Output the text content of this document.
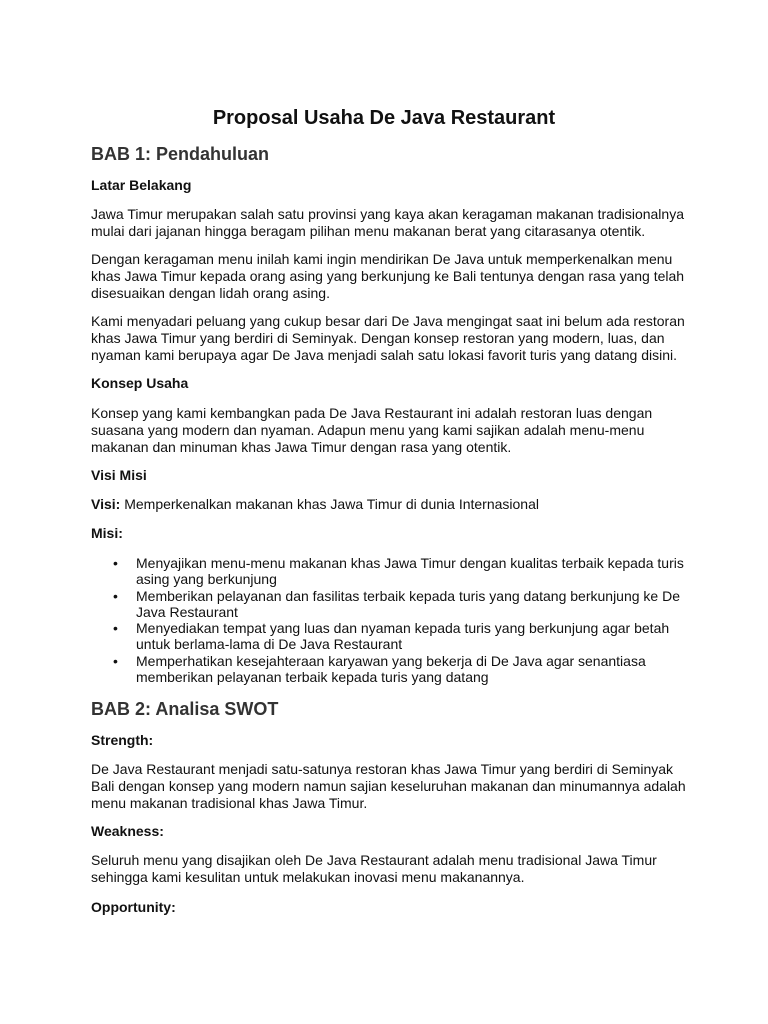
Proposal Usaha De Java Restaurant
BAB 1: Pendahuluan
Latar Belakang
Jawa Timur merupakan salah satu provinsi yang kaya akan keragaman makanan tradisionalnya mulai dari jajanan hingga beragam pilihan menu makanan berat yang citarasanya otentik.
Dengan keragaman menu inilah kami ingin mendirikan De Java untuk memperkenalkan menu khas Jawa Timur kepada orang asing yang berkunjung ke Bali tentunya dengan rasa yang telah disesuaikan dengan lidah orang asing.
Kami menyadari peluang yang cukup besar dari De Java mengingat saat ini belum ada restoran khas Jawa Timur yang berdiri di Seminyak. Dengan konsep restoran yang modern, luas, dan nyaman kami berupaya agar De Java menjadi salah satu lokasi favorit turis yang datang disini.
Konsep Usaha
Konsep yang kami kembangkan pada De Java Restaurant ini adalah restoran luas dengan suasana yang modern dan nyaman. Adapun menu yang kami sajikan adalah menu-menu makanan dan minuman khas Jawa Timur dengan rasa yang otentik.
Visi Misi
Visi: Memperkenalkan makanan khas Jawa Timur di dunia Internasional
Misi:
• Menyajikan menu-menu makanan khas Jawa Timur dengan kualitas terbaik kepada turis asing yang berkunjung
• Memberikan pelayanan dan fasilitas terbaik kepada turis yang datang berkunjung ke De Java Restaurant
• Menyediakan tempat yang luas dan nyaman kepada turis yang berkunjung agar betah untuk berlama-lama di De Java Restaurant
• Memperhatikan kesejahteraan karyawan yang bekerja di De Java agar senantiasa memberikan pelayanan terbaik kepada turis yang datang
BAB 2: Analisa SWOT
Strength:
De Java Restaurant menjadi satu-satunya restoran khas Jawa Timur yang berdiri di Seminyak Bali dengan konsep yang modern namun sajian keseluruhan makanan dan minumannya adalah menu makanan tradisional khas Jawa Timur.
Weakness:
Seluruh menu yang disajikan oleh De Java Restaurant adalah menu tradisional Jawa Timur sehingga kami kesulitan untuk melakukan inovasi menu makanannya.
Opportunity:
